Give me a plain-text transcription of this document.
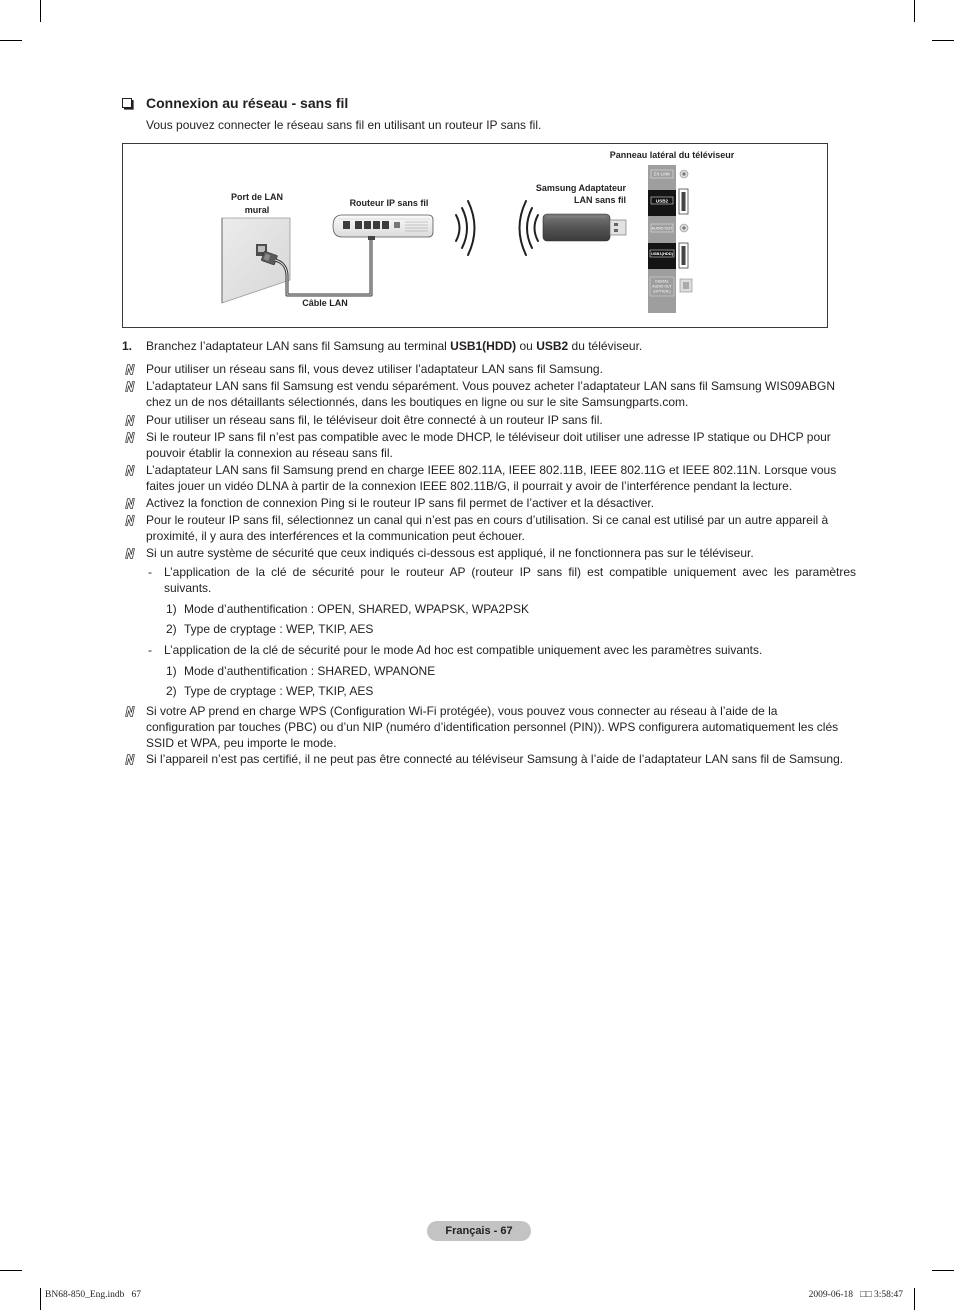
Connexion au réseau - sans fil
Vous pouvez connecter le réseau sans fil en utilisant un routeur IP sans fil.
EX-LINK
USB2
AUDIO OUT
USB1(HDD)
DIGITAL
AUDIO OUT
(OPTICAL)
Panneau latéral du téléviseur
Samsung Adaptateur
LAN sans fil
Port de LAN
mural
Routeur IP sans fil
Câble LAN
1. Branchez l’adaptateur LAN sans fil Samsung au terminal USB1(HDD) ou USB2 du téléviseur.
Pour utiliser un réseau sans fil, vous devez utiliser l’adaptateur LAN sans fil Samsung.
L’adaptateur LAN sans fil Samsung est vendu séparément. Vous pouvez acheter l’adaptateur LAN sans fil Samsung WIS09ABGN
chez un de nos détaillants sélectionnés, dans les boutiques en ligne ou sur le site Samsungparts.com.
Pour utiliser un réseau sans fil, le téléviseur doit être connecté à un routeur IP sans fil.
Si le routeur IP sans fil n’est pas compatible avec le mode DHCP, le téléviseur doit utiliser une adresse IP statique ou DHCP pour
pouvoir établir la connexion au réseau sans fil.
L’adaptateur LAN sans fil Samsung prend en charge IEEE 802.11A, IEEE 802.11B, IEEE 802.11G et IEEE 802.11N. Lorsque vous
faites jouer un vidéo DLNA à partir de la connexion IEEE 802.11B/G, il pourrait y avoir de l’interférence pendant la lecture.
Activez la fonction de connexion Ping si le routeur IP sans fil permet de l’activer et la désactiver.
Pour le routeur IP sans fil, sélectionnez un canal qui n’est pas en cours d’utilisation. Si ce canal est utilisé par un autre appareil à
proximité, il y aura des interférences et la communication peut échouer.
Si un autre système de sécurité que ceux indiqués ci-dessous est appliqué, il ne fonctionnera pas sur le téléviseur.
- L’application de la clé de sécurité pour le routeur AP (routeur IP sans fil) est compatible uniquement avec les paramètres
suivants.
1) Mode d’authentification : OPEN, SHARED, WPAPSK, WPA2PSK
2) Type de cryptage : WEP, TKIP, AES
- L’application de la clé de sécurité pour le mode Ad hoc est compatible uniquement avec les paramètres suivants.
1) Mode d’authentification : SHARED, WPANONE
2) Type de cryptage : WEP, TKIP, AES
Si votre AP prend en charge WPS (Configuration Wi-Fi protégée), vous pouvez vous connecter au réseau à l’aide de la
configuration par touches (PBC) ou d’un NIP (numéro d’identification personnel (PIN)). WPS configurera automatiquement les clés
SSID et WPA, peu importe le mode.
Si l’appareil n’est pas certifié, il ne peut pas être connecté au téléviseur Samsung à l’aide de l’adaptateur LAN sans fil de Samsung.
Français - 67
BN68-850_Eng.indb   67	2009-06-18   □□ 3:58:47
